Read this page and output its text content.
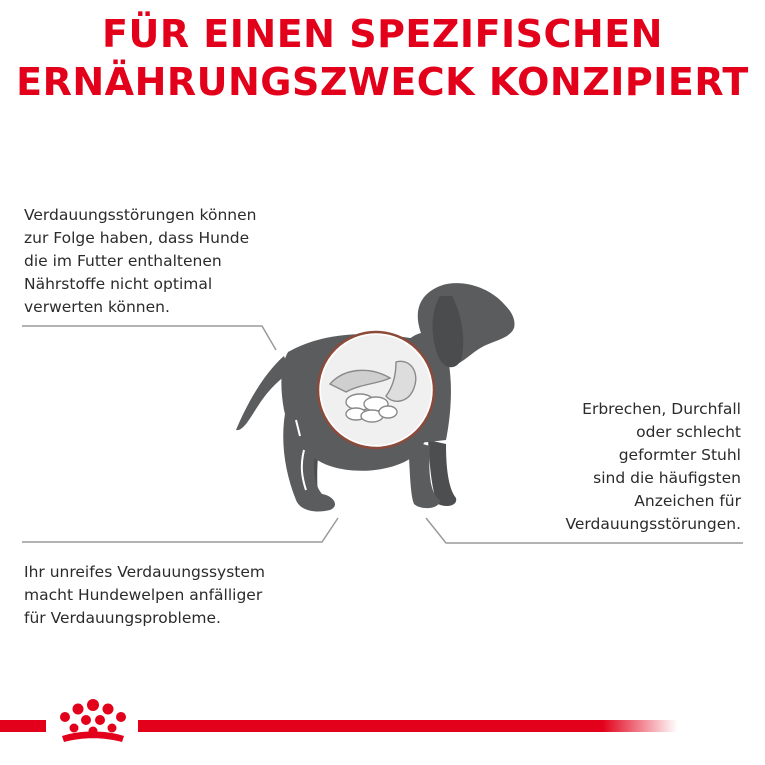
FÜR EINEN SPEZIFISCHEN
ERNÄHRUNGSZWECK KONZIPIERT

Verdauungsstörungen können
zur Folge haben, dass Hunde
die im Futter enthaltenen
Nährstoffe nicht optimal
verwerten können.

Erbrechen, Durchfall
oder schlecht
geformter Stuhl
sind die häufigsten
Anzeichen für
Verdauungsstörungen.

Ihr unreifes Verdauungssystem
macht Hundewelpen anfälliger
für Verdauungsprobleme.
